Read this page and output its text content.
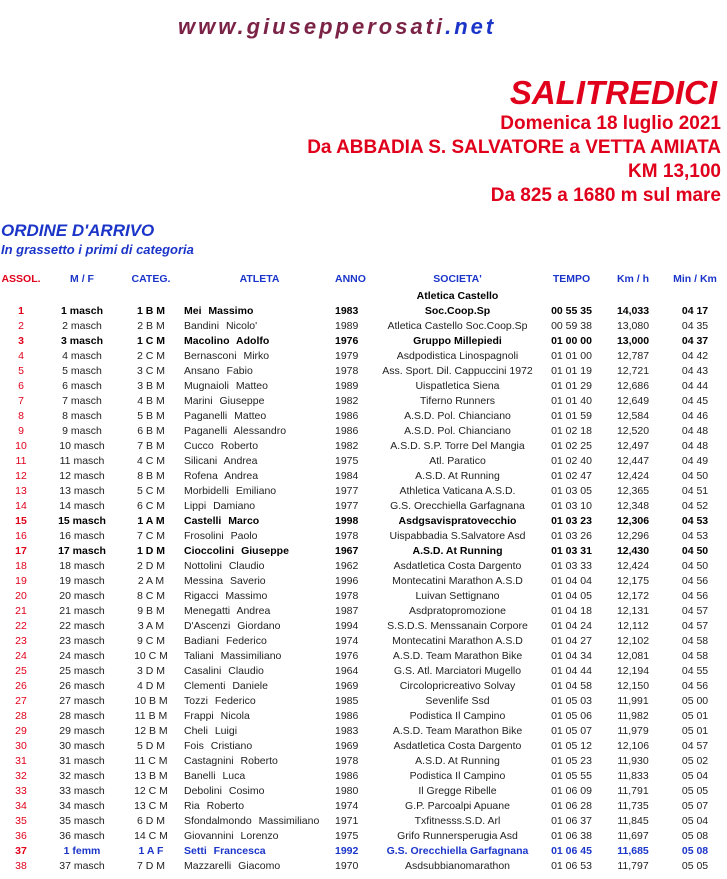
www.giusepperosati.net
SALITREDICI
Domenica 18 luglio 2021
Da ABBADIA S. SALVATORE a VETTA AMIATA
KM 13,100
Da 825 a 1680 m sul mare
ORDINE D'ARRIVO
In grassetto i primi di categoria
ASSOL.	M / F	CATEG.	ATLETA	ANNO	SOCIETA'	TEMPO	Km / h	Min / Km
					Atletica Castello			
1	1 masch	1 B M	Mei Massimo	1983	Soc.Coop.Sp	00 55 35	14,033	04 17
2	2 masch	2 B M	Bandini Nicolo'	1989	Atletica Castello Soc.Coop.Sp	00 59 38	13,080	04 35
3	3 masch	1 C M	Macolino Adolfo	1976	Gruppo Millepiedi	01 00 00	13,000	04 37
4	4 masch	2 C M	Bernasconi Mirko	1979	Asdpodistica Linospagnoli	01 01 00	12,787	04 42
5	5 masch	3 C M	Ansano Fabio	1978	Ass. Sport. Dil. Cappuccini 1972	01 01 19	12,721	04 43
6	6 masch	3 B M	Mugnaioli Matteo	1989	Uispatletica Siena	01 01 29	12,686	04 44
7	7 masch	4 B M	Marini Giuseppe	1982	Tiferno Runners	01 01 40	12,649	04 45
8	8 masch	5 B M	Paganelli Matteo	1986	A.S.D. Pol. Chianciano	01 01 59	12,584	04 46
9	9 masch	6 B M	Paganelli Alessandro	1986	A.S.D. Pol. Chianciano	01 02 18	12,520	04 48
10	10 masch	7 B M	Cucco Roberto	1982	A.S.D. S.P. Torre Del Mangia	01 02 25	12,497	04 48
11	11 masch	4 C M	Silicani Andrea	1975	Atl. Paratico	01 02 40	12,447	04 49
12	12 masch	8 B M	Rofena Andrea	1984	A.S.D. At Running	01 02 47	12,424	04 50
13	13 masch	5 C M	Morbidelli Emiliano	1977	Athletica Vaticana A.S.D.	01 03 05	12,365	04 51
14	14 masch	6 C M	Lippi Damiano	1977	G.S. Orecchiella Garfagnana	01 03 10	12,348	04 52
15	15 masch	1 A M	Castelli Marco	1998	Asdgsavispratovecchio	01 03 23	12,306	04 53
16	16 masch	7 C M	Frosolini Paolo	1978	Uispabbadia S.Salvatore Asd	01 03 26	12,296	04 53
17	17 masch	1 D M	Cioccolini Giuseppe	1967	A.S.D. At Running	01 03 31	12,430	04 50
18	18 masch	2 D M	Nottolini Claudio	1962	Asdatletica Costa Dargento	01 03 33	12,424	04 50
19	19 masch	2 A M	Messina Saverio	1996	Montecatini Marathon A.S.D	01 04 04	12,175	04 56
20	20 masch	8 C M	Rigacci Massimo	1978	Luivan Settignano	01 04 05	12,172	04 56
21	21 masch	9 B M	Menegatti Andrea	1987	Asdpratopromozione	01 04 18	12,131	04 57
22	22 masch	3 A M	D'Ascenzi Giordano	1994	S.S.D.S. Menssanain Corpore	01 04 24	12,112	04 57
23	23 masch	9 C M	Badiani Federico	1974	Montecatini Marathon A.S.D	01 04 27	12,102	04 58
24	24 masch	10 C M	Taliani Massimiliano	1976	A.S.D. Team Marathon Bike	01 04 34	12,081	04 58
25	25 masch	3 D M	Casalini Claudio	1964	G.S. Atl. Marciatori Mugello	01 04 44	12,194	04 55
26	26 masch	4 D M	Clementi Daniele	1969	Circolopricreativo Solvay	01 04 58	12,150	04 56
27	27 masch	10 B M	Tozzi Federico	1985	Sevenlife Ssd	01 05 03	11,991	05 00
28	28 masch	11 B M	Frappi Nicola	1986	Podistica Il Campino	01 05 06	11,982	05 01
29	29 masch	12 B M	Cheli Luigi	1983	A.S.D. Team Marathon Bike	01 05 07	11,979	05 01
30	30 masch	5 D M	Fois Cristiano	1969	Asdatletica Costa Dargento	01 05 12	12,106	04 57
31	31 masch	11 C M	Castagnini Roberto	1978	A.S.D. At Running	01 05 23	11,930	05 02
32	32 masch	13 B M	Banelli Luca	1986	Podistica Il Campino	01 05 55	11,833	05 04
33	33 masch	12 C M	Debolini Cosimo	1980	Il Gregge Ribelle	01 06 09	11,791	05 05
34	34 masch	13 C M	Ria Roberto	1974	G.P. Parcoalpi Apuane	01 06 28	11,735	05 07
35	35 masch	6 D M	Sfondalmondo Massimiliano	1971	Txfitnesss.S.D. Arl	01 06 37	11,845	05 04
36	36 masch	14 C M	Giovannini Lorenzo	1975	Grifo Runnersperugia Asd	01 06 38	11,697	05 08
37	1 femm	1 A F	Setti Francesca	1992	G.S. Orecchiella Garfagnana	01 06 45	11,685	05 08
38	37 masch	7 D M	Mazzarelli Giacomo	1970	Asdsubbianomarathon	01 06 53	11,797	05 05
